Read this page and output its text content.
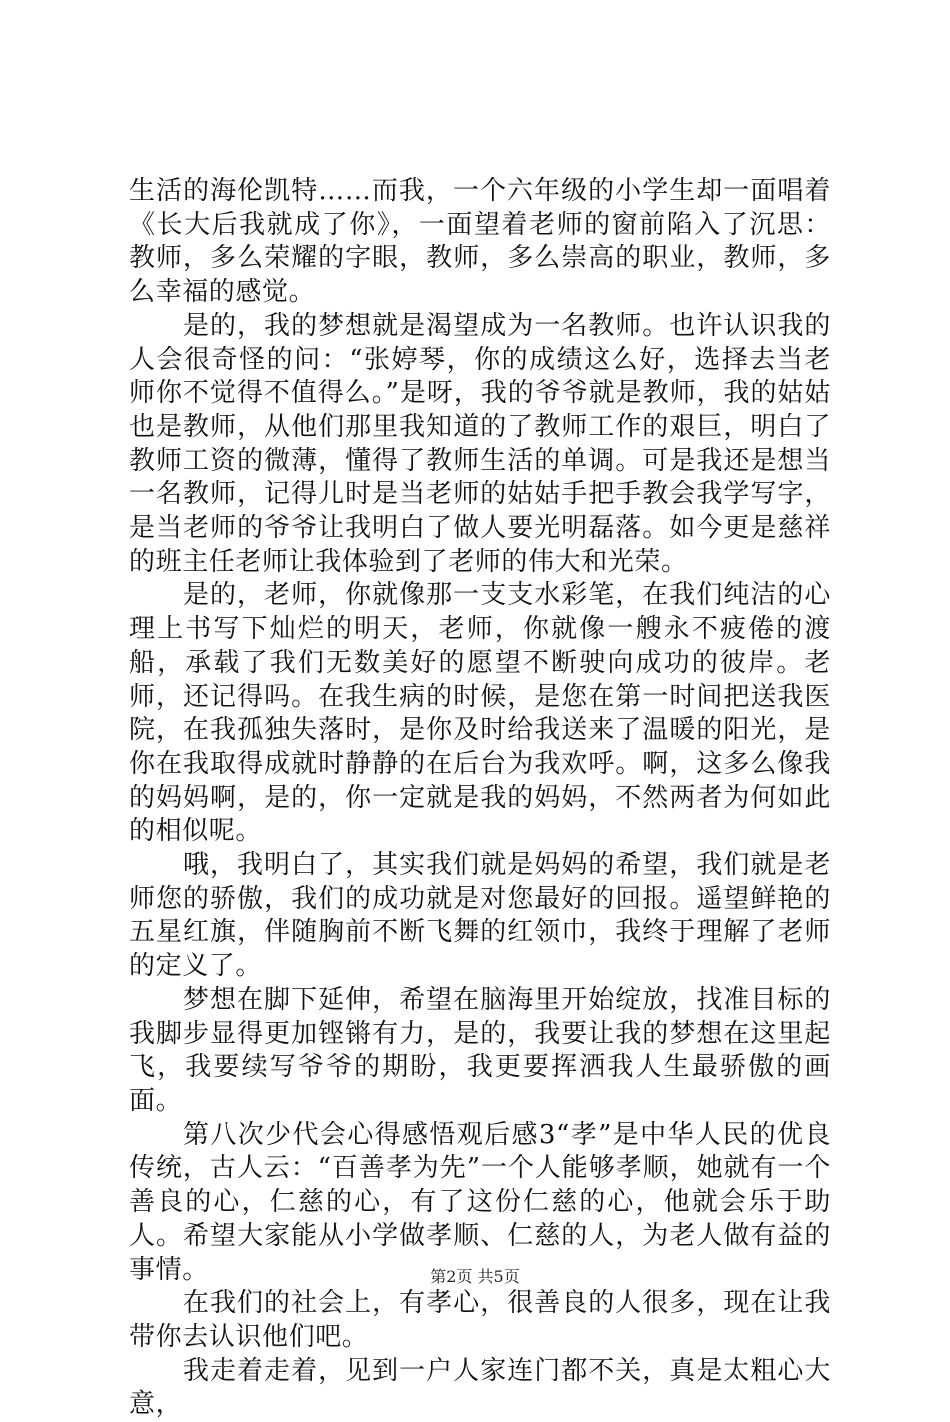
生活的海伦凯特……而我，一个六年级的小学生却一面唱着《长大后我就成了你》，一面望着老师的窗前陷入了沉思：教师，多么荣耀的字眼，教师，多么崇高的职业，教师，多么幸福的感觉。

是的，我的梦想就是渴望成为一名教师。也许认识我的人会很奇怪的问：“张婷琴，你的成绩这么好，选择去当老师你不觉得不值得么。”是呀，我的爷爷就是教师，我的姑姑也是教师，从他们那里我知道的了教师工作的艰巨，明白了教师工资的微薄，懂得了教师生活的单调。可是我还是想当一名教师，记得儿时是当老师的姑姑手把手教会我学写字，是当老师的爷爷让我明白了做人要光明磊落。如今更是慈祥的班主任老师让我体验到了老师的伟大和光荣。

是的，老师，你就像那一支支水彩笔，在我们纯洁的心理上书写下灿烂的明天，老师，你就像一艘永不疲倦的渡船，承载了我们无数美好的愿望不断驶向成功的彼岸。老师，还记得吗。在我生病的时候，是您在第一时间把送我医院，在我孤独失落时，是你及时给我送来了温暖的阳光，是你在我取得成就时静静的在后台为我欢呼。啊，这多么像我的妈妈啊，是的，你一定就是我的妈妈，不然两者为何如此的相似呢。

哦，我明白了，其实我们就是妈妈的希望，我们就是老师您的骄傲，我们的成功就是对您最好的回报。遥望鲜艳的五星红旗，伴随胸前不断飞舞的红领巾，我终于理解了老师的定义了。

梦想在脚下延伸，希望在脑海里开始绽放，找准目标的我脚步显得更加铿锵有力，是的，我要让我的梦想在这里起飞，我要续写爷爷的期盼，我更要挥洒我人生最骄傲的画面。

第八次少代会心得感悟观后感3“孝”是中华人民的优良传统，古人云：“百善孝为先”一个人能够孝顺，她就有一个善良的心，仁慈的心，有了这份仁慈的心，他就会乐于助人。希望大家能从小学做孝顺、仁慈的人，为老人做有益的事情。

在我们的社会上，有孝心，很善良的人很多，现在让我带你去认识他们吧。

我走着走着，见到一户人家连门都不关，真是太粗心大意，

第2页 共5页
